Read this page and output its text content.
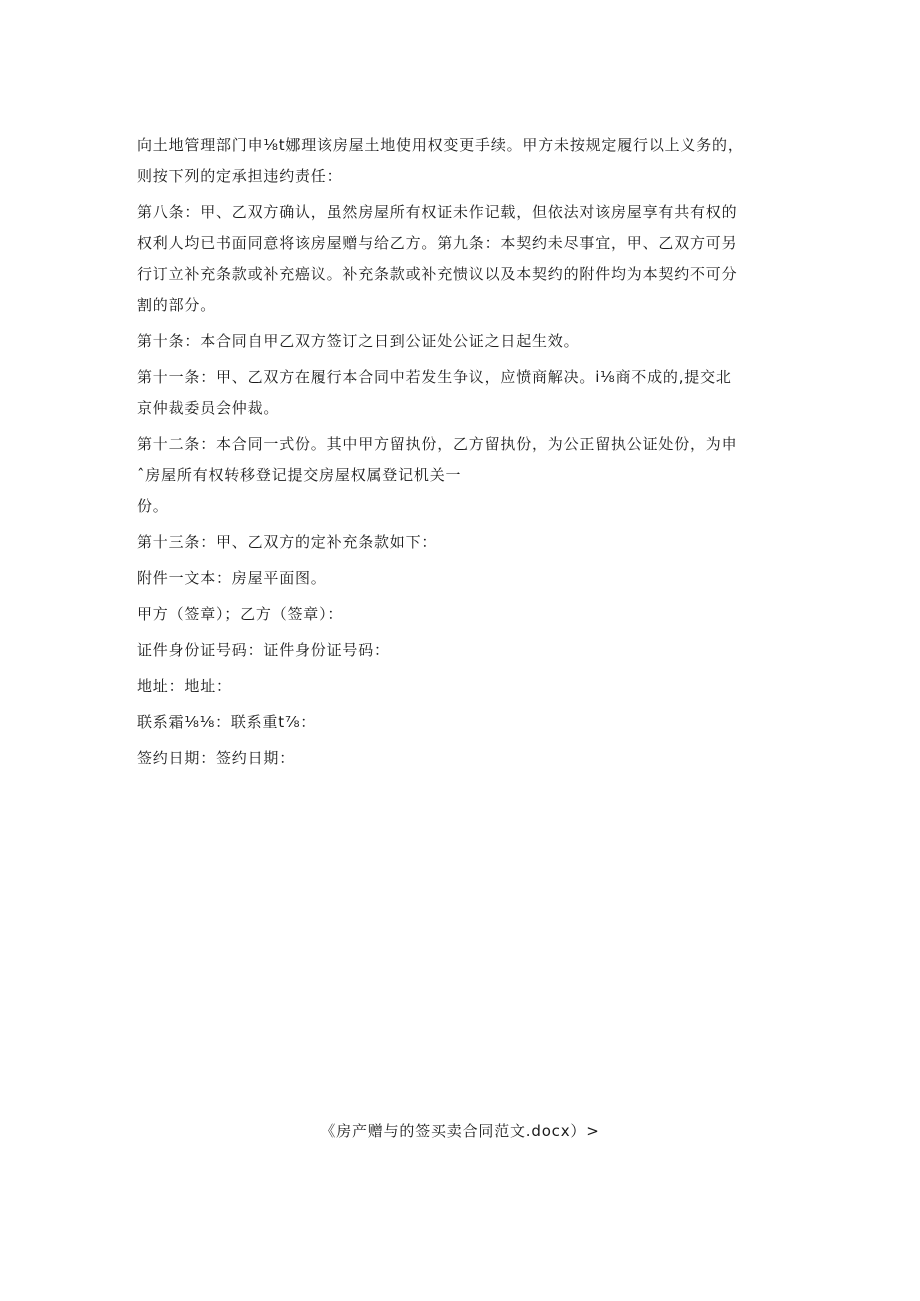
向土地管理部门申⅛t娜理该房屋土地使用权变更手续。甲方未按规定履行以上义务的，
则按下列的定承担违约责任：

第八条：甲、乙双方确认，虽然房屋所有权证未作记载，但依法对该房屋享有共有权的
权利人均已书面同意将该房屋赠与给乙方。第九条：本契约未尽事宜，甲、乙双方可另
行订立补充条款或补充癌议。补充条款或补充愦议以及本契约的附件均为本契约不可分
割的部分。

第十条：本合同自甲乙双方签订之日到公证处公证之日起生效。

第十一条：甲、乙双方在履行本合同中若发生争议，应愤商解决。i⅛商不成的,提交北
京仲裁委员会仲裁。

第十二条：本合同一式份。其中甲方留执份，乙方留执份，为公正留执公证处份，为申
ˆ房屋所有权转移登记提交房屋权属登记机关一

份。

第十三条：甲、乙双方的定补充条款如下：

附件一文本：房屋平面图。

甲方（签章）；乙方（签章）：

证件身份证号码：证件身份证号码：

地址：地址：

联系霜⅛⅛：联系重t⅞：

签约日期：签约日期：

《房产赠与的签买卖合同范文.docx）>
